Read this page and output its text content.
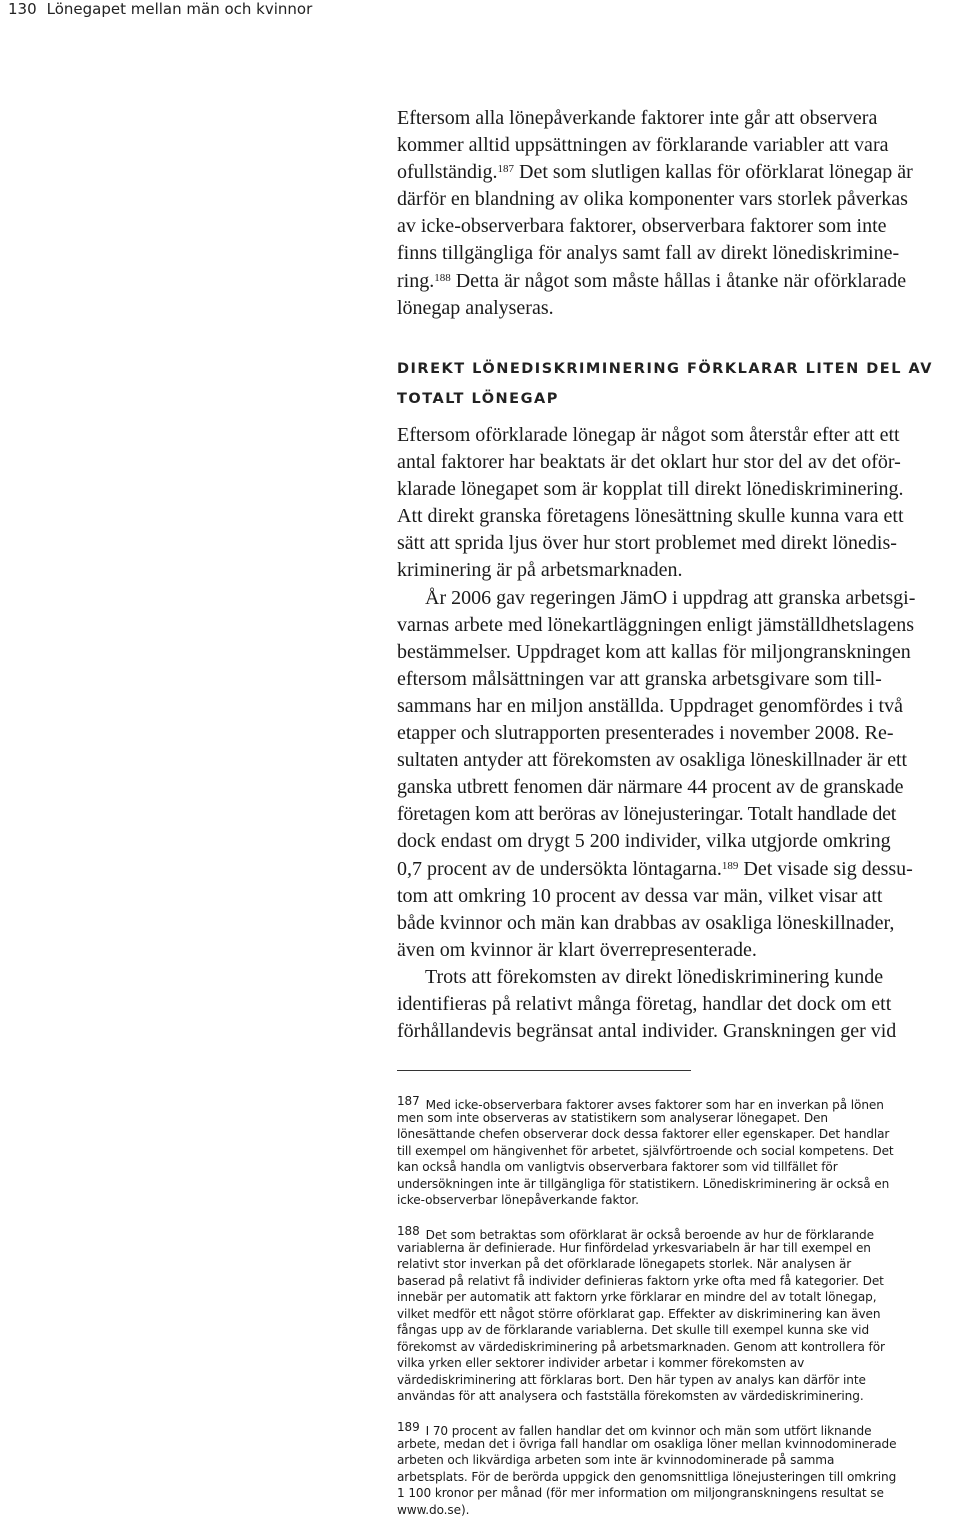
130 Lönegapet mellan män och kvinnor
Eftersom alla lönepåverkande faktorer inte går att observera
kommer alltid uppsättningen av förklarande variabler att vara
ofullständig.$^{187}$ Det som slutligen kallas för oförklarat lönegap är
därför en blandning av olika komponenter vars storlek påverkas
av icke-observerbara faktorer, observerbara faktorer som inte
finns tillgängliga för analys samt fall av direkt lönediskrimine-
ring.$^{188}$ Detta är något som måste hållas i åtanke när oförklarade
lönegap analyseras.
DIREKT LÖNEDISKRIMINERING FÖRKLARAR LITEN DEL AV
TOTALT LÖNEGAP
Eftersom oförklarade lönegap är något som återstår efter att ett
antal faktorer har beaktats är det oklart hur stor del av det oför-
klarade lönegapet som är kopplat till direkt lönediskriminering.
Att direkt granska företagens lönesättning skulle kunna vara ett
sätt att sprida ljus över hur stort problemet med direkt lönedis-
kriminering är på arbetsmarknaden.
År 2006 gav regeringen JämO i uppdrag att granska arbetsgi-
varnas arbete med lönekartläggningen enligt jämställdhetslagens
bestämmelser. Uppdraget kom att kallas för miljongranskningen
eftersom målsättningen var att granska arbetsgivare som till-
sammans har en miljon anställda. Uppdraget genomfördes i två
etapper och slutrapporten presenterades i november 2008. Re-
sultaten antyder att förekomsten av osakliga löneskillnader är ett
ganska utbrett fenomen där närmare 44 procent av de granskade
företagen kom att beröras av lönejusteringar. Totalt handlade det
dock endast om drygt 5 200 individer, vilka utgjorde omkring
0,7 procent av de undersökta löntagarna.$^{189}$ Det visade sig dessu-
tom att omkring 10 procent av dessa var män, vilket visar att
både kvinnor och män kan drabbas av osakliga löneskillnader,
även om kvinnor är klart överrepresenterade.
Trots att förekomsten av direkt lönediskriminering kunde
identifieras på relativt många företag, handlar det dock om ett
förhållandevis begränsat antal individer. Granskningen ger vid
187 Med icke-observerbara faktorer avses faktorer som har en inverkan på lönen
men som inte observeras av statistikern som analyserar lönegapet. Den
lönesättande chefen observerar dock dessa faktorer eller egenskaper. Det handlar
till exempel om hängivenhet för arbetet, självförtroende och social kompetens. Det
kan också handla om vanligtvis observerbara faktorer som vid tillfället för
undersökningen inte är tillgängliga för statistikern. Lönediskriminering är också en
icke-observerbar lönepåverkande faktor.
188 Det som betraktas som oförklarat är också beroende av hur de förklarande
variablerna är definierade. Hur finfördelad yrkesvariabeln är har till exempel en
relativt stor inverkan på det oförklarade lönegapets storlek. När analysen är
baserad på relativt få individer definieras faktorn yrke ofta med få kategorier. Det
innebär per automatik att faktorn yrke förklarar en mindre del av totalt lönegap,
vilket medför ett något större oförklarat gap. Effekter av diskriminering kan även
fångas upp av de förklarande variablerna. Det skulle till exempel kunna ske vid
förekomst av värdediskriminering på arbetsmarknaden. Genom att kontrollera för
vilka yrken eller sektorer individer arbetar i kommer förekomsten av
värdediskriminering att förklaras bort. Den här typen av analys kan därför inte
användas för att analysera och fastställa förekomsten av värdediskriminering.
189 I 70 procent av fallen handlar det om kvinnor och män som utfört liknande
arbete, medan det i övriga fall handlar om osakliga löner mellan kvinnodominerade
arbeten och likvärdiga arbeten som inte är kvinnodominerade på samma
arbetsplats. För de berörda uppgick den genomsnittliga lönejusteringen till omkring
1 100 kronor per månad (för mer information om miljongranskningens resultat se
www.do.se).
